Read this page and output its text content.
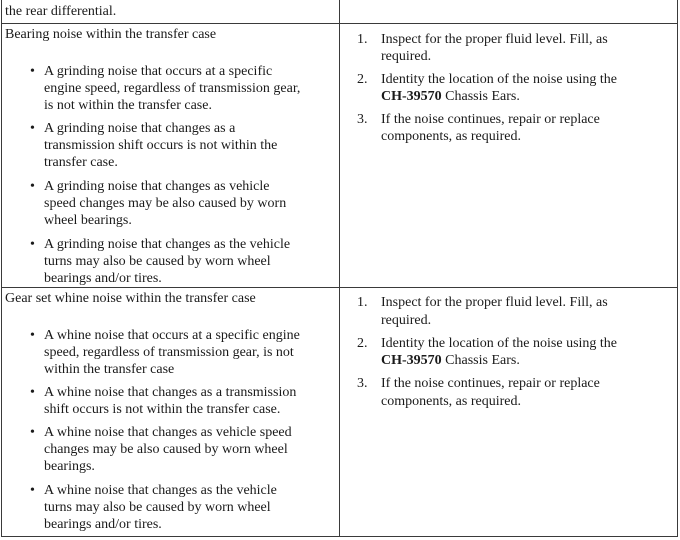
the rear differential.
Bearing noise within the transfer case
• A grinding noise that occurs at a specific
engine speed, regardless of transmission gear,
is not within the transfer case.
• A grinding noise that changes as a
transmission shift occurs is not within the
transfer case.
• A grinding noise that changes as vehicle
speed changes may be also caused by worn
wheel bearings.
• A grinding noise that changes as the vehicle
turns may also be caused by worn wheel
bearings and/or tires.
1. Inspect for the proper fluid level. Fill, as
required.
2. Identity the location of the noise using the
CH-39570 Chassis Ears.
3. If the noise continues, repair or replace
components, as required.
Gear set whine noise within the transfer case
• A whine noise that occurs at a specific engine
speed, regardless of transmission gear, is not
within the transfer case
• A whine noise that changes as a transmission
shift occurs is not within the transfer case.
• A whine noise that changes as vehicle speed
changes may be also caused by worn wheel
bearings.
• A whine noise that changes as the vehicle
turns may also be caused by worn wheel
bearings and/or tires.
1. Inspect for the proper fluid level. Fill, as
required.
2. Identity the location of the noise using the
CH-39570 Chassis Ears.
3. If the noise continues, repair or replace
components, as required.
